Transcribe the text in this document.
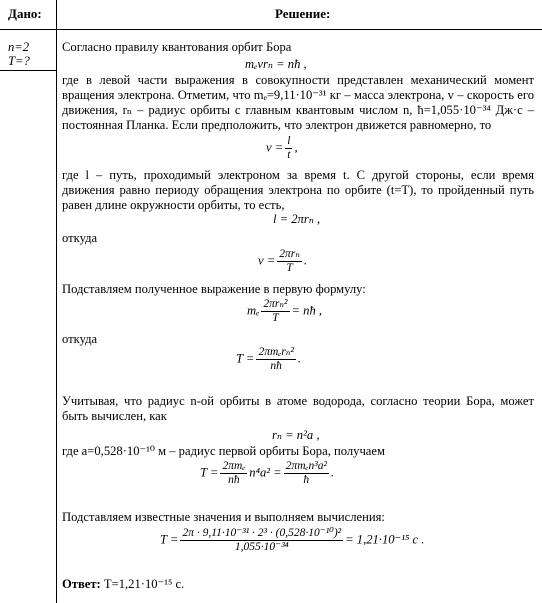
Дано:	Решение:
n=2
T=?
Согласно правилу квантования орбит Бора
mₑvrₙ = nħ ,
где в левой части выражения в совокупности представлен механический момент вращения электрона. Отметим, что mₑ=9,11·10⁻³¹ кг – масса электрона, v – скорость его движения, rₙ – радиус орбиты с главным квантовым числом n, ħ=1,055·10⁻³⁴ Дж·с – постоянная Планка. Если предположить, что электрон движется равномерно, то
$v = \frac{l}{t}$ ,
где l – путь, проходимый электроном за время t. С другой стороны, если время движения равно периоду обращения электрона по орбите (t=T), то пройденный путь равен длине окружности орбиты, то есть,
l = 2πrₙ ,
откуда
$v = \frac{\text{2πrₙ}}{T}$ .
Подставляем полученное выражение в первую формулу:
mₑ $\frac{\text{2πrₙ²}}{T}$ = nħ ,
откуда
$T = \frac{\text{2πmₑrₙ²}}{nħ}$ .
Учитывая, что радиус n-ой орбиты в атоме водорода, согласно теории Бора, может быть вычислен, как
rₙ = n²a ,
где a=0,528·10⁻¹⁰ м – радиус первой орбиты Бора, получаем
$T = \frac{\text{2πmₑ}}{nħ} n^4a^2 = \frac{\text{2πmₑn³a²}}{ħ}$ .
Подставляем известные значения и выполняем вычисления:
$T = \frac{\text{2π · 9,11·10⁻³¹ · 2³ · (0,528·10⁻¹⁰)²}}{\text{1,055·10⁻³⁴}} = 1,21\cdot 10^{-15}$ с .
Ответ: T=1,21·10⁻¹⁵ с.
